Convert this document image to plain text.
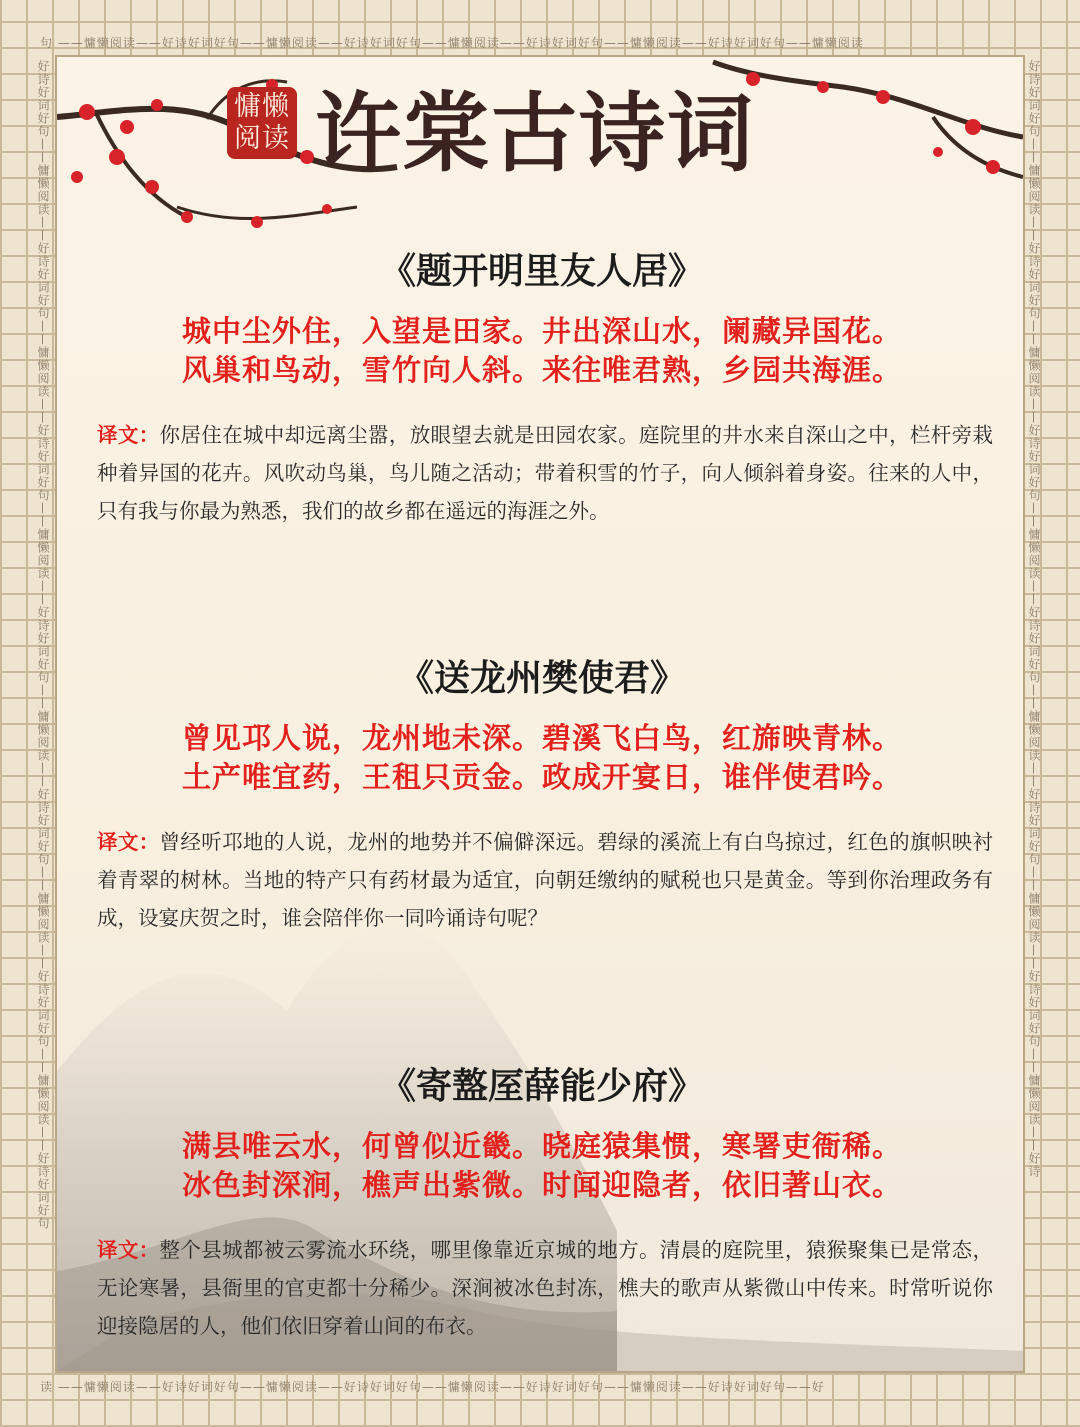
句 ——慵懒阅读——好诗好词好句——慵懒阅读——好诗好词好句——慵懒阅读——好诗好词好句——慵懒阅读——好诗好词好句——慵懒阅读
读 ——慵懒阅读——好诗好词好句——慵懒阅读——好诗好词好句——慵懒阅读——好诗好词好句——慵懒阅读——好诗好词好句——好
好诗好词好句——慵懒阅读——好诗好词好句——慵懒阅读——好诗好词好句——慵懒阅读——好诗好词好句——慵懒阅读——好诗好词好句——慵懒阅读——好诗好词好句——慵懒阅读——好诗好词好句	好诗好词好句——慵懒阅读——好诗好词好句——慵懒阅读——好诗好词好句——慵懒阅读——好诗好词好句——慵懒阅读——好诗好词好句——慵懒阅读——好诗好词好句——慵懒阅读——好诗
慵懒
阅读 许棠古诗词
《题开明里友人居》

城中尘外住，入望是田家。井出深山水，阑藏异国花。

风巢和鸟动，雪竹向人斜。来往唯君熟，乡园共海涯。

译文：你居住在城中却远离尘嚣，放眼望去就是田园农家。庭院里的井水来自深山之中，栏杆旁栽种着异国的花卉。风吹动鸟巢，鸟儿随之活动；带着积雪的竹子，向人倾斜着身姿。往来的人中，只有我与你最为熟悉，我们的故乡都在遥远的海涯之外。
《送龙州樊使君》

曾见邛人说，龙州地未深。碧溪飞白鸟，红旆映青林。

土产唯宜药，王租只贡金。政成开宴日，谁伴使君吟。

译文：曾经听邛地的人说，龙州的地势并不偏僻深远。碧绿的溪流上有白鸟掠过，红色的旗帜映衬着青翠的树林。当地的特产只有药材最为适宜，向朝廷缴纳的赋税也只是黄金。等到你治理政务有成，设宴庆贺之时，谁会陪伴你一同吟诵诗句呢？
《寄盩厔薛能少府》

满县唯云水，何曾似近畿。晓庭猿集惯，寒署吏衙稀。

冰色封深涧，樵声出紫微。时闻迎隐者，依旧著山衣。

译文：整个县城都被云雾流水环绕，哪里像靠近京城的地方。清晨的庭院里，猿猴聚集已是常态，无论寒暑，县衙里的官吏都十分稀少。深涧被冰色封冻，樵夫的歌声从紫微山中传来。时常听说你迎接隐居的人，他们依旧穿着山间的布衣。
